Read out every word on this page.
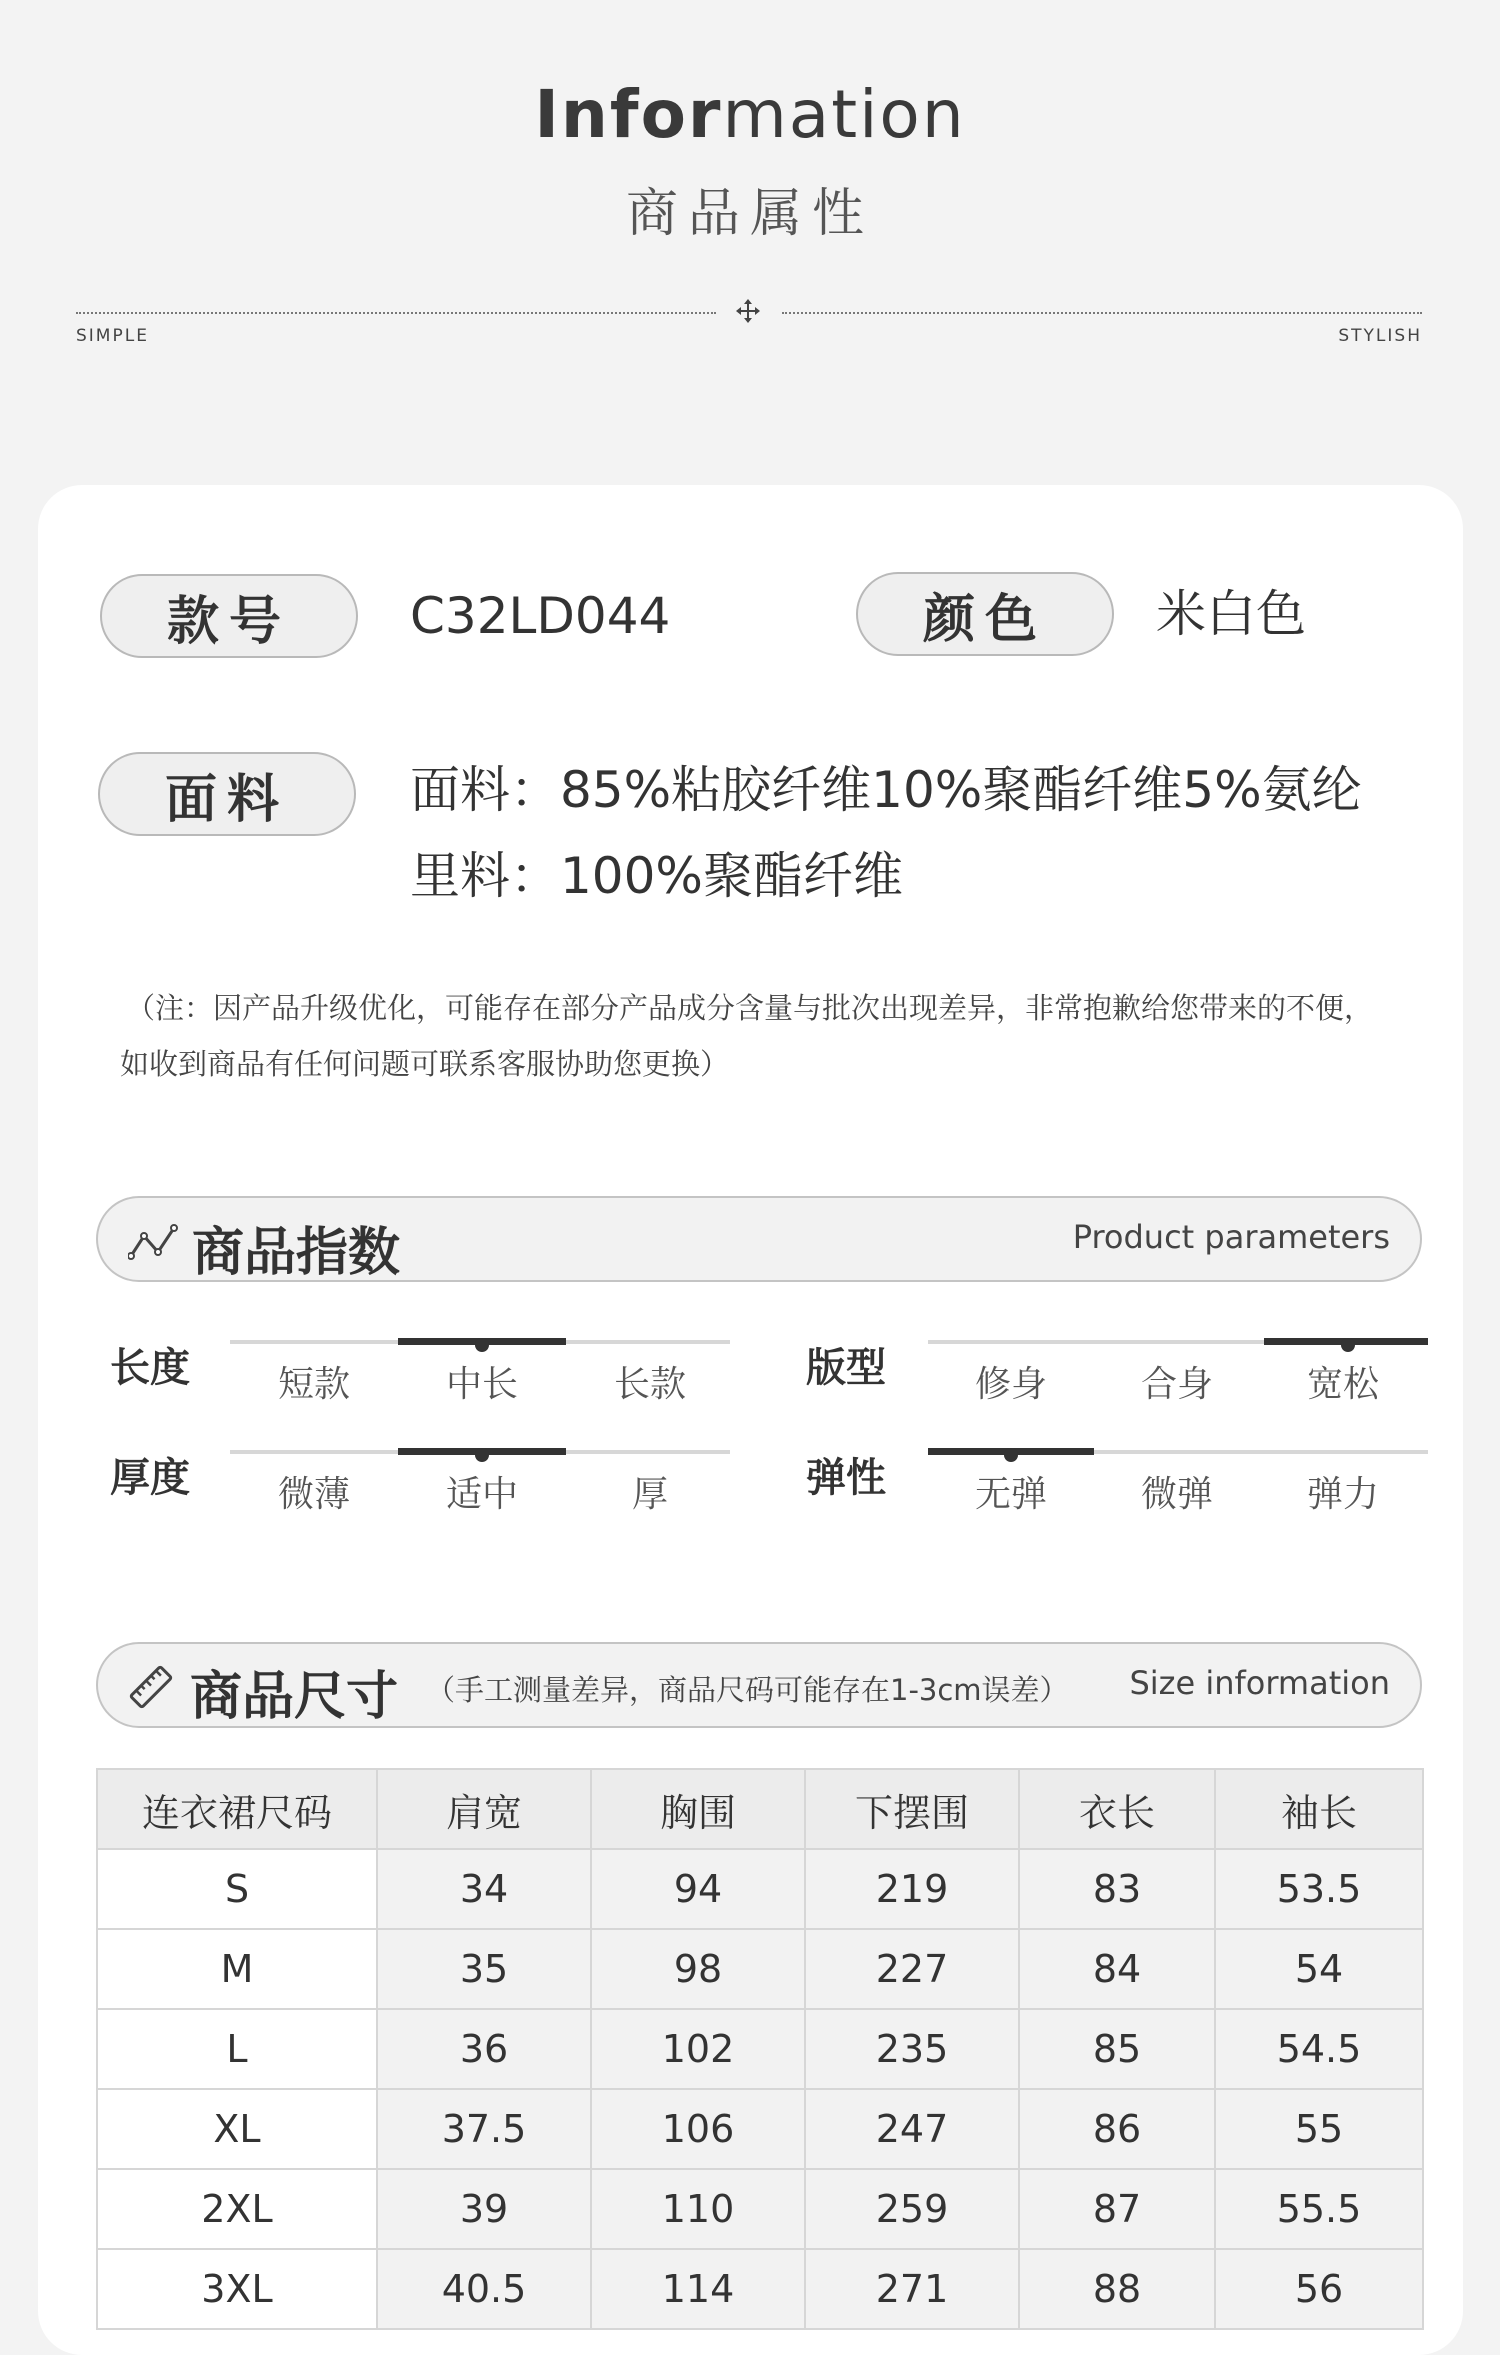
Information
商品属性
SIMPLE	STYLISH
款号	C32LD044	颜色	米白色
面料	面料：85%粘胶纤维10%聚酯纤维5%氨纶
里料：100%聚酯纤维
（注：因产品升级优化，可能存在部分产品成分含量与批次出现差异，非常抱歉给您带来的不便，
如收到商品有任何问题可联系客服协助您更换）
商品指数	Product parameters
长度	短款	中长	长款	版型	修身	合身	宽松
厚度	微薄	适中	厚	弹性	无弹	微弹	弹力
商品尺寸 （手工测量差异，商品尺码可能存在1-3cm误差） Size information
连衣裙尺码	肩宽	胸围	下摆围	衣长	袖长
S	34	94	219	83	53.5
M	35	98	227	84	54
L	36	102	235	85	54.5
XL	37.5	106	247	86	55
2XL	39	110	259	87	55.5
3XL	40.5	114	271	88	56
